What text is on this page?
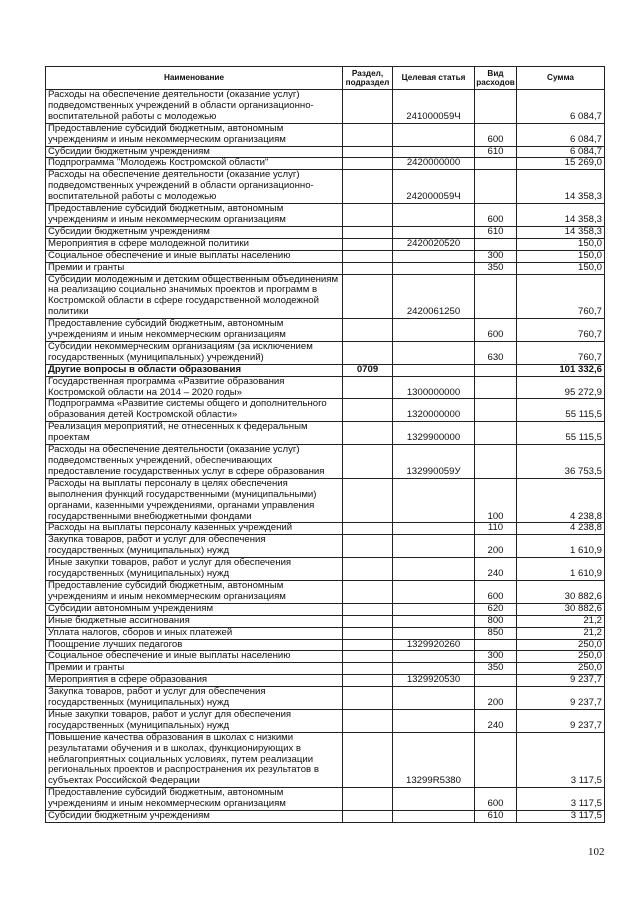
Наименование	Раздел, подраздел	Целевая статья	Вид расходов	Сумма
Расходы на обеспечение деятельности (оказание услуг) подведомственных учреждений в области организационно-воспитательной работы с молодежью		241000059Ч		6 084,7
Предоставление субсидий бюджетным, автономным учреждениям и иным некоммерческим организациям			600	6 084,7
Субсидии бюджетным учреждениям			610	6 084,7
Подпрограмма "Молодежь Костромской области"		2420000000		15 269,0
Расходы на обеспечение деятельности (оказание услуг) подведомственных учреждений в области организационно-воспитательной работы с молодежью		242000059Ч		14 358,3
Предоставление субсидий бюджетным, автономным учреждениям и иным некоммерческим организациям			600	14 358,3
Субсидии бюджетным учреждениям			610	14 358,3
Мероприятия в сфере молодежной политики		2420020520		150,0
Социальное обеспечение и иные выплаты населению			300	150,0
Премии и гранты			350	150,0
Субсидии молодежным и детским общественным объединениям на реализацию социально значимых проектов и программ в Костромской области в сфере государственной молодежной политики		2420061250		760,7
Предоставление субсидий бюджетным, автономным учреждениям и иным некоммерческим организациям			600	760,7
Субсидии некоммерческим организациям (за исключением государственных (муниципальных) учреждений)			630	760,7
Другие вопросы в области образования	0709			101 332,6
Государственная программа «Развитие образования Костромской области на 2014 – 2020 годы»		1300000000		95 272,9
Подпрограмма «Развитие системы общего и дополнительного образования детей Костромской области»		1320000000		55 115,5
Реализация мероприятий, не отнесенных к федеральным проектам		1329900000		55 115,5
Расходы на обеспечение деятельности (оказание услуг) подведомственных учреждений, обеспечивающих предоставление государственных услуг в сфере образования		132990059У		36 753,5
Расходы на выплаты персоналу в целях обеспечения выполнения функций государственными (муниципальными) органами, казенными учреждениями, органами управления государственными внебюджетными фондами			100	4 238,8
Расходы на выплаты персоналу казенных учреждений			110	4 238,8
Закупка товаров, работ и услуг для обеспечения государственных (муниципальных) нужд			200	1 610,9
Иные закупки товаров, работ и услуг для обеспечения государственных (муниципальных) нужд			240	1 610,9
Предоставление субсидий бюджетным, автономным учреждениям и иным некоммерческим организациям			600	30 882,6
Субсидии автономным учреждениям			620	30 882,6
Иные бюджетные ассигнования			800	21,2
Уплата налогов, сборов и иных платежей			850	21,2
Поощрение лучших педагогов		1329920260		250,0
Социальное обеспечение и иные выплаты населению			300	250,0
Премии и гранты			350	250,0
Мероприятия в сфере образования		1329920530		9 237,7
Закупка товаров, работ и услуг для обеспечения государственных (муниципальных) нужд			200	9 237,7
Иные закупки товаров, работ и услуг для обеспечения государственных (муниципальных) нужд			240	9 237,7
Повышение качества образования в школах с низкими результатами обучения и в школах, функционирующих в неблагоприятных социальных условиях, путем реализации региональных проектов и распространения их результатов в субъектах Российской Федерации		13299R5380		3 117,5
Предоставление субсидий бюджетным, автономным учреждениям и иным некоммерческим организациям			600	3 117,5
Субсидии бюджетным учреждениям			610	3 117,5
102
